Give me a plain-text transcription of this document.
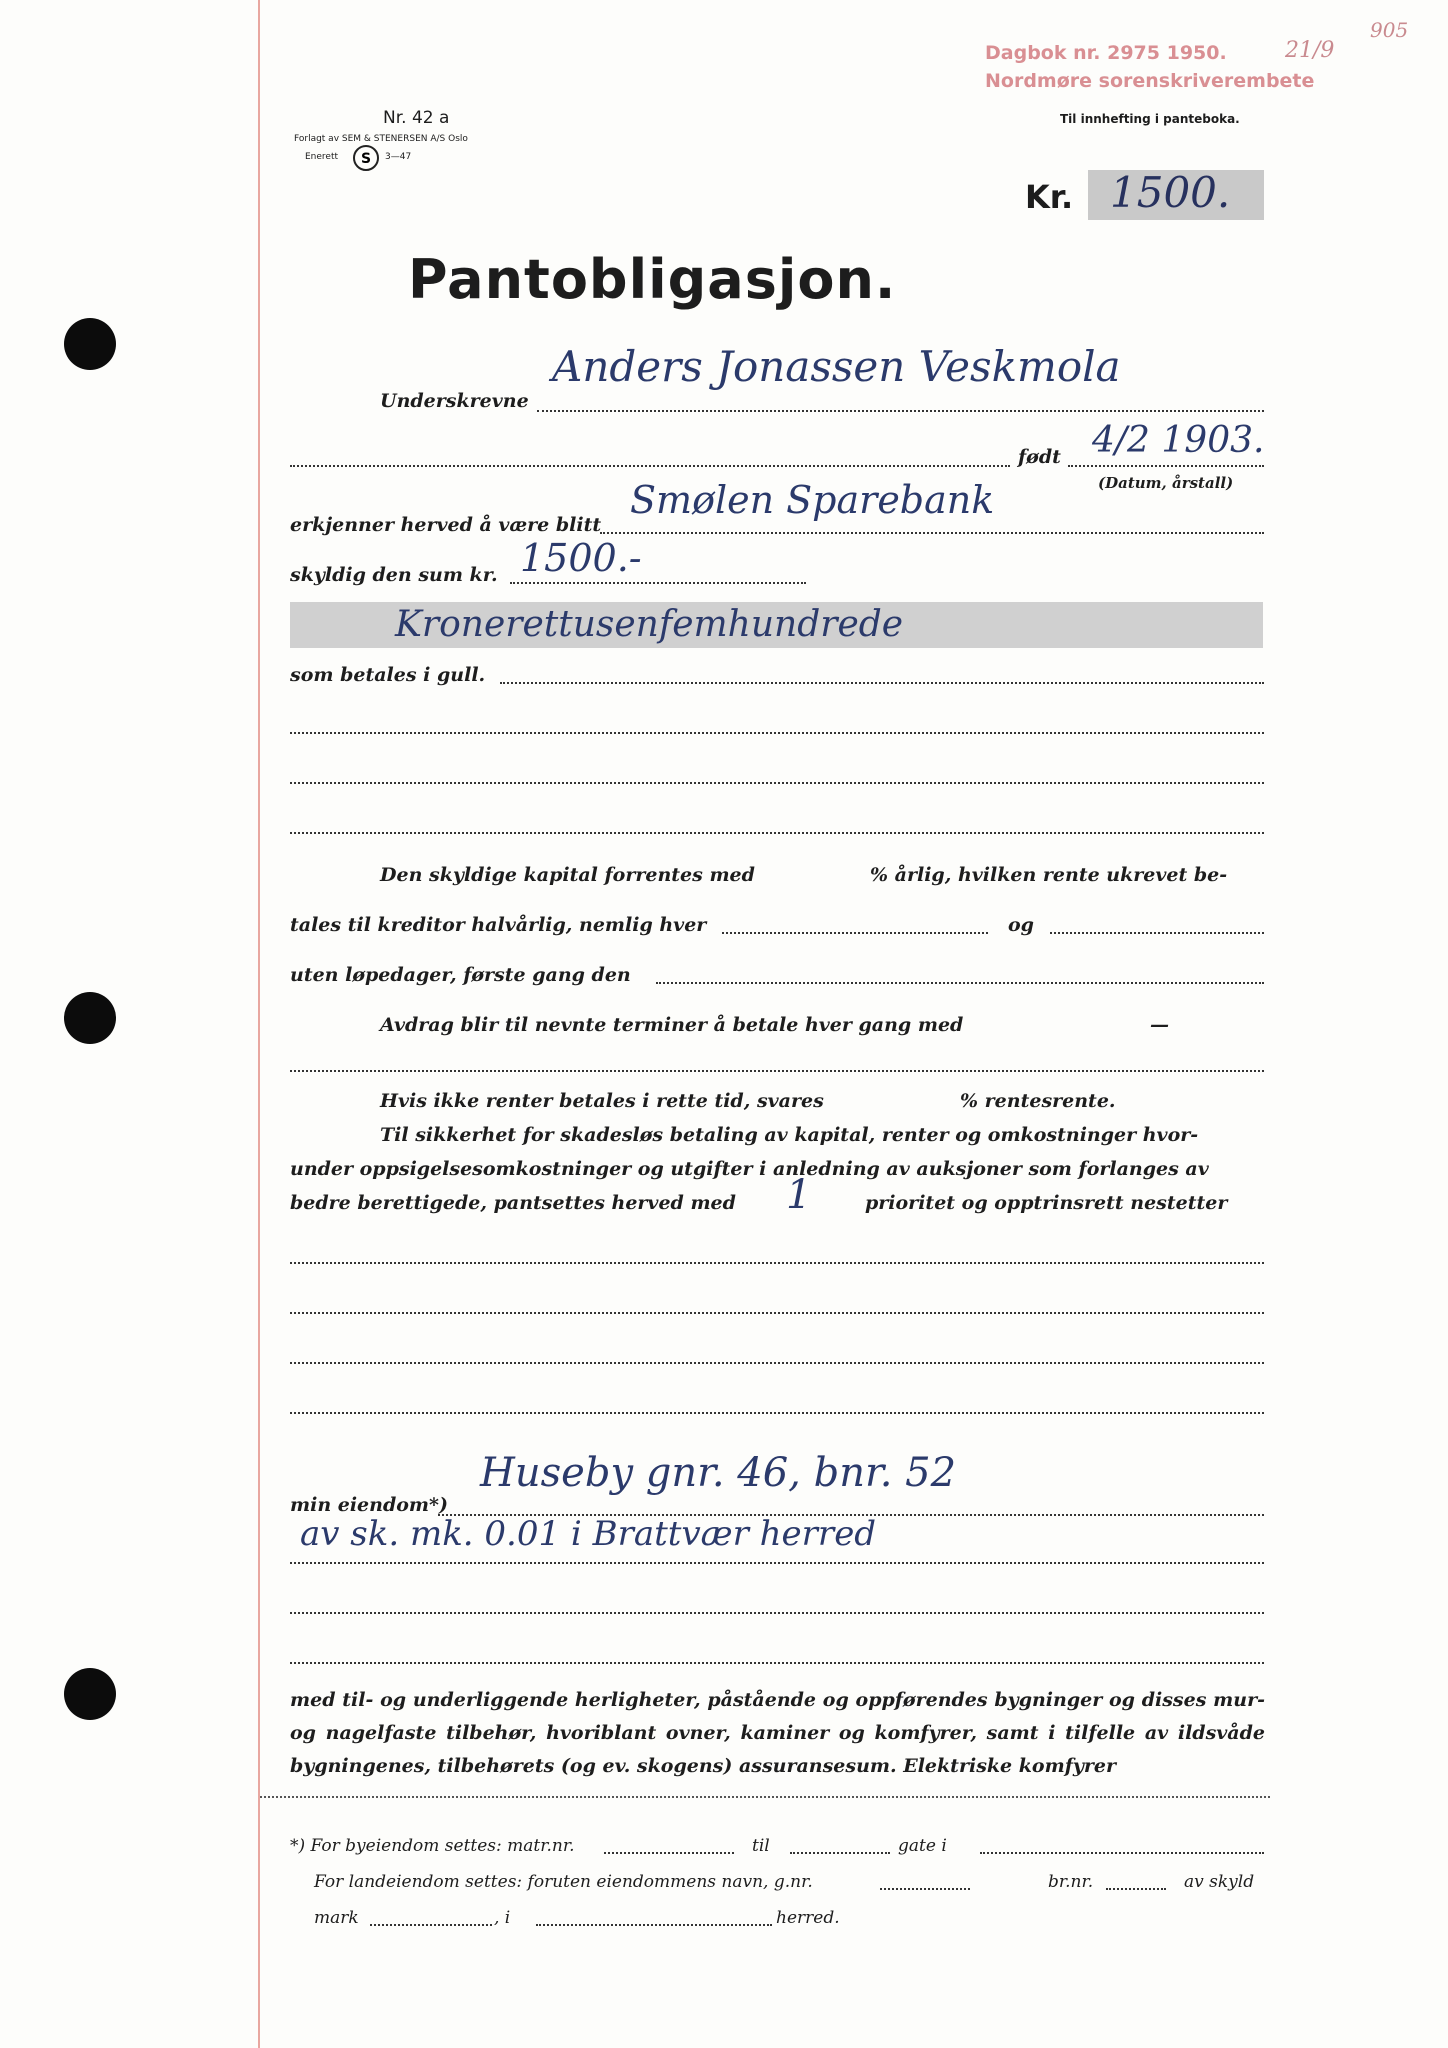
Dagbok nr. 2975 1950.
Nordmøre sorenskriverembete
21/9
905
Til innhefting i panteboka.
Nr. 42 a
Forlagt av SEM & STENERSEN A/S Oslo
Enerett S 3—47
Kr. 1500.
Pantobligasjon.
Underskrevne
Anders Jonassen Veskmola
født 4/2 1903.
(Datum, årstall)
erkjenner herved å være blitt
Smølen Sparebank
skyldig den sum kr. 1500.-
Kronerettusenfemhundrede
som betales i gull.
Den skyldige kapital forrentes med	% årlig, hvilken rente ukrevet be-
tales til kreditor halvårlig, nemlig hver	og
uten løpedager, første gang den
Avdrag blir til nevnte terminer å betale hver gang med	—
Hvis ikke renter betales i rette tid, svares	% rentesrente.
Til sikkerhet for skadesløs betaling av kapital, renter og omkostninger hvor-
under oppsigelsesomkostninger og utgifter i anledning av auksjoner som forlanges av
bedre berettigede, pantsettes herved med 1	prioritet og opptrinsrett nestetter
min eiendom*)
Huseby gnr. 46, bnr. 52
av sk. mk. 0.01 i Brattvær herred
med til- og underliggende herligheter, påstående og oppførendes bygninger og disses mur- og nagelfaste tilbehør, hvoriblant ovner, kaminer og komfyrer, samt i tilfelle av ildsvåde bygningenes, tilbehørets (og ev. skogens) assuransesum. Elektriske komfyrer
*) For byeiendom settes: matr.nr.	til	gate i
For landeiendom settes: foruten eiendommens navn, g.nr.	br.nr.	av skyld
mark	, i	herred.
